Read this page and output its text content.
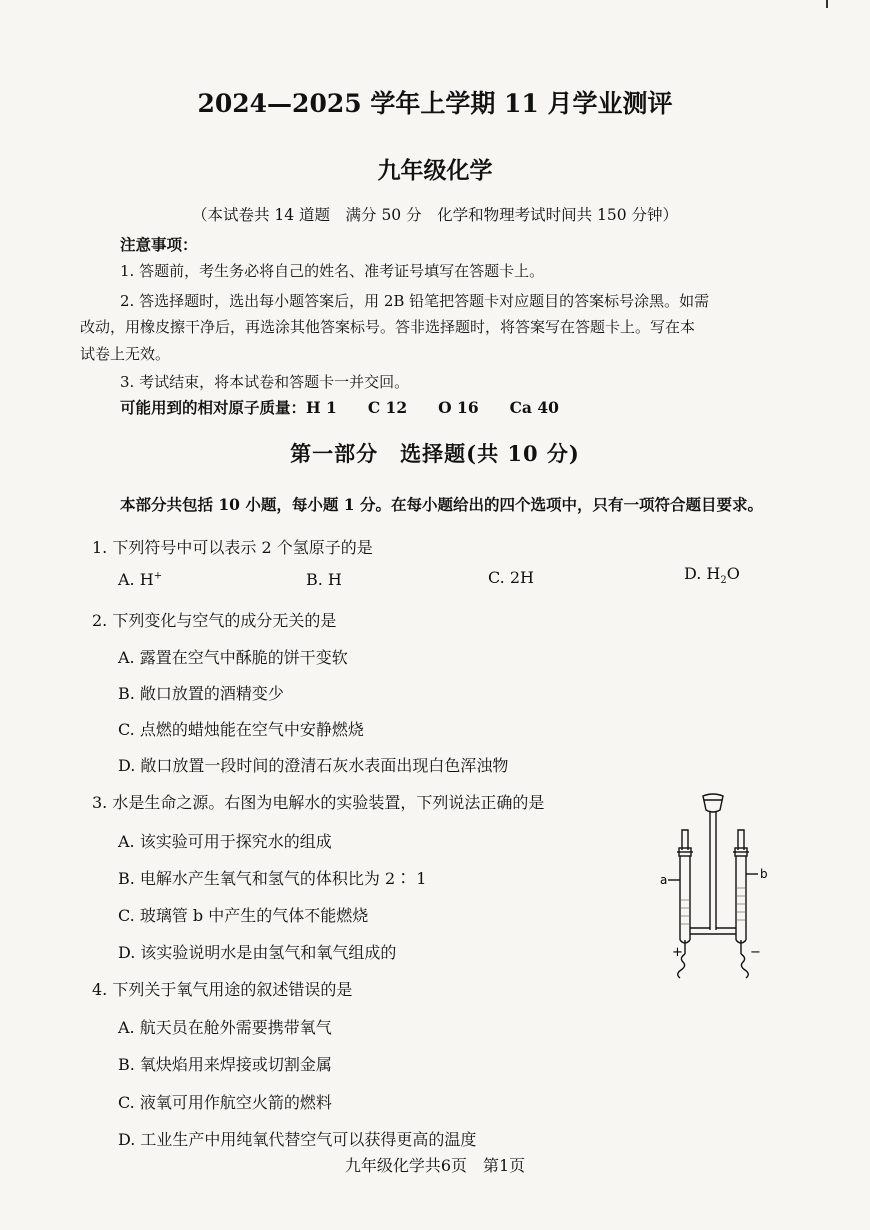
2024—2025 学年上学期 11 月学业测评
九年级化学
（本试卷共 14 道题　满分 50 分　化学和物理考试时间共 150 分钟）
注意事项：
1. 答题前，考生务必将自己的姓名、准考证号填写在答题卡上。
2. 答选择题时，选出每小题答案后，用 2B 铅笔把答题卡对应题目的答案标号涂黑。如需
改动，用橡皮擦干净后，再选涂其他答案标号。答非选择题时，将答案写在答题卡上。写在本
试卷上无效。
3. 考试结束，将本试卷和答题卡一并交回。
可能用到的相对原子质量：H 1　　C 12　　O 16　　Ca 40
第一部分　选择题(共 10 分)
本部分共包括 10 小题，每小题 1 分。在每小题给出的四个选项中，只有一项符合题目要求。
1. 下列符号中可以表示 2 个氢原子的是
A. H+	B. H	C. 2H	D. $H_2O$
2. 下列变化与空气的成分无关的是
A. 露置在空气中酥脆的饼干变软
B. 敞口放置的酒精变少
C. 点燃的蜡烛能在空气中安静燃烧
D. 敞口放置一段时间的澄清石灰水表面出现白色浑浊物
3. 水是生命之源。右图为电解水的实验装置，下列说法正确的是
A. 该实验可用于探究水的组成
B. 电解水产生氧气和氢气的体积比为 2∶ 1
C. 玻璃管 b 中产生的气体不能燃烧
D. 该实验说明水是由氢气和氧气组成的
a	b
+	−
4. 下列关于氧气用途的叙述错误的是
A. 航天员在舱外需要携带氧气
B. 氧炔焰用来焊接或切割金属
C. 液氧可用作航空火箭的燃料
D. 工业生产中用纯氧代替空气可以获得更高的温度
九年级化学共6页　第1页
